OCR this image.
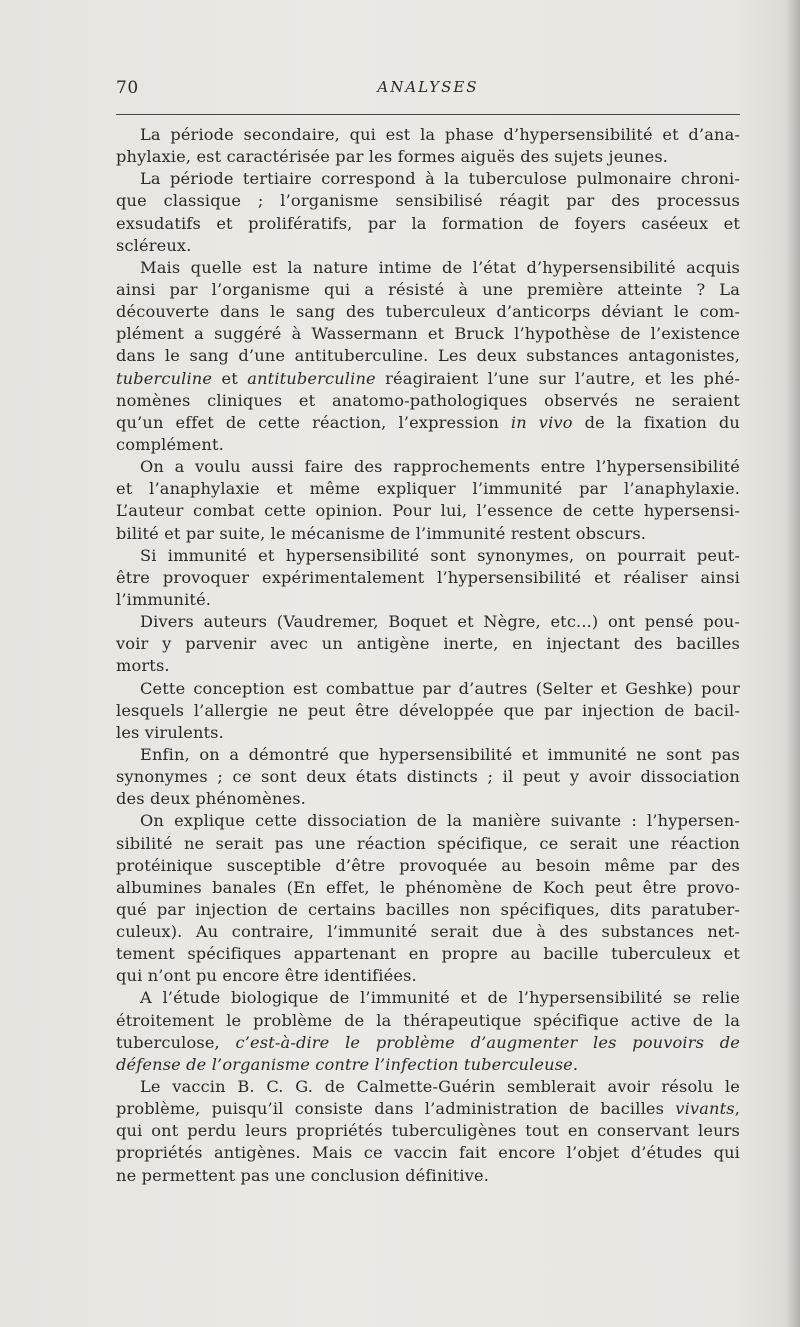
70	ANALYSES
La période secondaire, qui est la phase d’hypersensibilité et d’ana-
phylaxie, est caractérisée par les formes aiguës des sujets jeunes.
La période tertiaire correspond à la tuberculose pulmonaire chroni-
que classique ; l’organisme sensibilisé réagit par des processus
exsudatifs et prolifératifs, par la formation de foyers caséeux et
scléreux.
Mais quelle est la nature intime de l’état d’hypersensibilité acquis
ainsi par l’organisme qui a résisté à une première atteinte ? La
découverte dans le sang des tuberculeux d’anticorps déviant le com-
plément a suggéré à Wassermann et Bruck l’hypothèse de l’existence
dans le sang d’une antituberculine. Les deux substances antagonistes,
tuberculine et antituberculine réagiraient l’une sur l’autre, et les phé-
nomènes cliniques et anatomo-pathologiques observés ne seraient
qu’un effet de cette réaction, l’expression in vivo de la fixation du
complément.
On a voulu aussi faire des rapprochements entre l’hypersensibilité
et l’anaphylaxie et même expliquer l’immunité par l’anaphylaxie.
L’auteur combat cette opinion. Pour lui, l’essence de cette hypersensi-
bilité et par suite, le mécanisme de l’immunité restent obscurs.
Si immunité et hypersensibilité sont synonymes, on pourrait peut-
être provoquer expérimentalement l’hypersensibilité et réaliser ainsi
l’immunité.
Divers auteurs (Vaudremer, Boquet et Nègre, etc...) ont pensé pou-
voir y parvenir avec un antigène inerte, en injectant des bacilles
morts.
Cette conception est combattue par d’autres (Selter et Geshke) pour
lesquels l’allergie ne peut être développée que par injection de bacil-
les virulents.
Enfin, on a démontré que hypersensibilité et immunité ne sont pas
synonymes ; ce sont deux états distincts ; il peut y avoir dissociation
des deux phénomènes.
On explique cette dissociation de la manière suivante : l’hypersen-
sibilité ne serait pas une réaction spécifique, ce serait une réaction
protéinique susceptible d’être provoquée au besoin même par des
albumines banales (En effet, le phénomène de Koch peut être provo-
qué par injection de certains bacilles non spécifiques, dits paratuber-
culeux). Au contraire, l’immunité serait due à des substances net-
tement spécifiques appartenant en propre au bacille tuberculeux et
qui n’ont pu encore être identifiées.
A l’étude biologique de l’immunité et de l’hypersensibilité se relie
étroitement le problème de la thérapeutique spécifique active de la
tuberculose, c’est-à-dire le problème d’augmenter les pouvoirs de
défense de l’organisme contre l’infection tuberculeuse.
Le vaccin B. C. G. de Calmette-Guérin semblerait avoir résolu le
problème, puisqu’il consiste dans l’administration de bacilles vivants,
qui ont perdu leurs propriétés tuberculigènes tout en conservant leurs
propriétés antigènes. Mais ce vaccin fait encore l’objet d’études qui
ne permettent pas une conclusion définitive.
